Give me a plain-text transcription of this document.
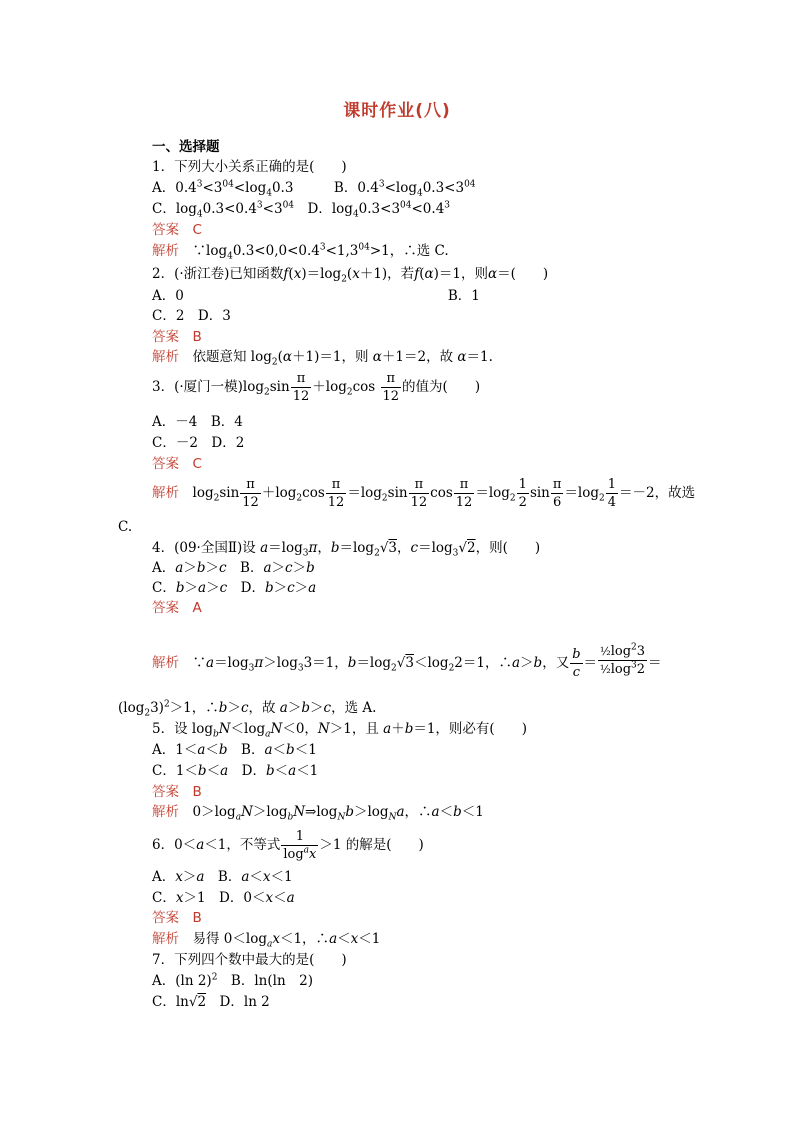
课时作业(八)
一、选择题
1．下列大小关系正确的是(　　)
A．$0.4^3<3^{04}<\log_40.3$　　　B．$0.4^3<\log_40.3<3^{04}$
C．$\log_40.3<0.4^3<3^{04}$　D．$\log_40.3<3^{04}<0.4^3$
答案　 C
解析　$\because\log_40.3<0,0<0.4^3<1,3^{04}>1$，∴选 C.
2．(·浙江卷)已知函数$f(x)=\log_2(x+1)$，若f(α)＝1，则α＝(　　)
A．0　　　　	B．1
C．2　 D．3
答案　 B
解析　依题意知 $\log_2(\alpha+1)=1$，则 α＋1＝2，故 α＝1.
3．(·厦门一模)$\log_2\sin \frac{\pi}{12} +\log_2\cos \frac{\pi}{12}$ 的值为(　　)
A．－4　 B．4
C．－2　 D．2
答案　 C
解析　$\log_2\sin \frac{\pi}{12} +\log_2\cos \frac{\pi}{12} =\log_2\sin \frac{\pi}{12}$ $\cos \frac{\pi}{12} =\log_2 \frac{1}{2}$ $\sin \frac{\pi}{6} =\log_2 \frac{1}{4} =-2$，故选
C.
4．(09·全国Ⅱ)设 $a=\log_3\pi$，$b=\log_2√3$，$c=\log_3√2$，则(　　)
A．a＞b＞c　B．a＞c＞b
C．b＞a＞c　D．b＞c＞a
答案　 A
解析　$\because a=\log_3\pi>\log_33=1$，$b=\log_2√3<\log_22=1$，∴a＞b，又 $\frac{b}{c} = \frac{\frac{1}{2}\log^23}{\frac{1}{2}\log^32}$ ＝
$(\log_23)^2>1$，∴b＞c，故 a＞b＞c，选 A.
5．设 $\log_bN<\log_aN<0$，N＞1，且 a＋b＝1，则必有(　　)
A．1＜a＜b　B．a＜b＜1
C．1＜b＜a　D．b＜a＜1
答案　 B
解析　$0>\log_aN>\log_bN\Rightarrow\log_Nb>\log_Na$，∴a＜b＜1
6．0＜a＜1，不等式 $\frac{1}{\log^ax} >1$ 的解是(　　)
A．x＞a　B．a＜x＜1
C．x＞1　D．0＜x＜a
答案　 B
解析　易得 $0<\log_ax<1$，∴a＜x＜1
7．下列四个数中最大的是(　　)
A．(ln 2)$^2$　B．ln(ln　2)
C．ln√2　D．ln 2
